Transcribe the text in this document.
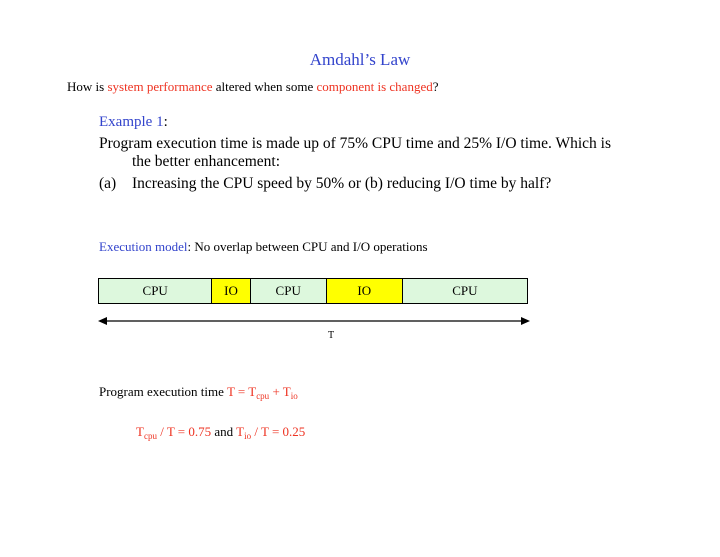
Amdahl’s Law
How is system performance altered when some component is changed?
Example 1:
Program execution time is made up of 75% CPU time and 25% I/O time. Which is
the better enhancement:
(a) Increasing the CPU speed by 50% or (b) reducing I/O time by half?
Execution model: No overlap between CPU and I/O operations
CPU	IO	CPU	IO	CPU
T
Program execution time $T = T_{cpu} + T_{io}$
$T_{cpu} / T = 0.75$ and $T_{io} / T = 0.25$
